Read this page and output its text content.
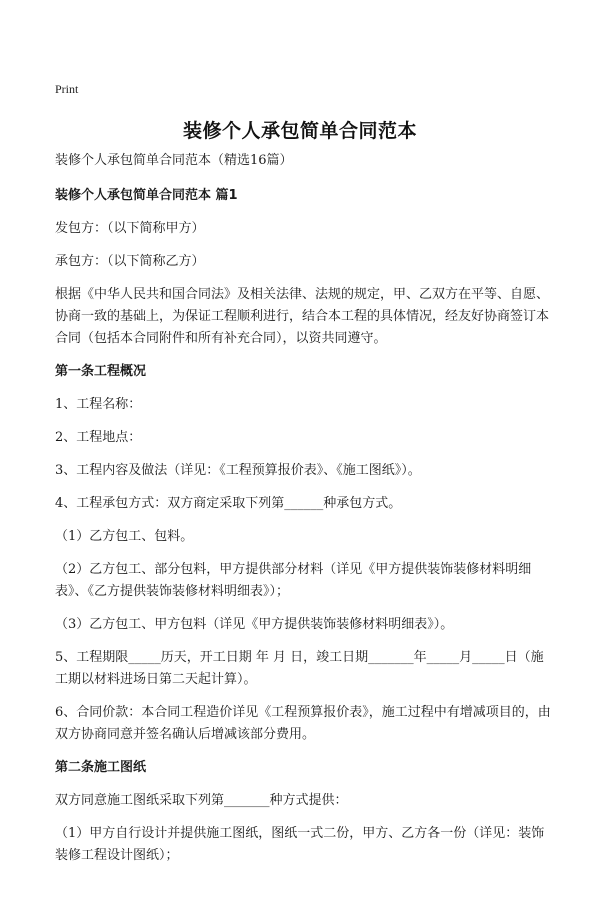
Print
装修个人承包简单合同范本

装修个人承包简单合同范本（精选16篇）

装修个人承包简单合同范本 篇1

发包方：（以下简称甲方）

承包方：（以下简称乙方）

根据《中华人民共和国合同法》及相关法律、法规的规定，甲、乙双方在平等、自愿、协商一致的基础上，为保证工程顺利进行，结合本工程的具体情况，经友好协商签订本合同（包括本合同附件和所有补充合同），以资共同遵守。

第一条工程概况

1、工程名称：

2、工程地点：

3、工程内容及做法（详见：《工程预算报价表》、《施工图纸》）。

4、工程承包方式：双方商定采取下列第______种承包方式。

（1）乙方包工、包料。

（2）乙方包工、部分包料，甲方提供部分材料（详见《甲方提供装饰装修材料明细表》、《乙方提供装饰装修材料明细表》）；

（3）乙方包工、甲方包料（详见《甲方提供装饰装修材料明细表》）。

5、工程期限_____历天，开工日期 年 月 日，竣工日期_______年_____月_____日（施工期以材料进场日第二天起计算）。

6、合同价款：本合同工程造价详见《工程预算报价表》，施工过程中有增减项目的，由双方协商同意并签名确认后增减该部分费用。

第二条施工图纸

双方同意施工图纸采取下列第_______种方式提供：

（1）甲方自行设计并提供施工图纸，图纸一式二份，甲方、乙方各一份（详见：装饰装修工程设计图纸）；
